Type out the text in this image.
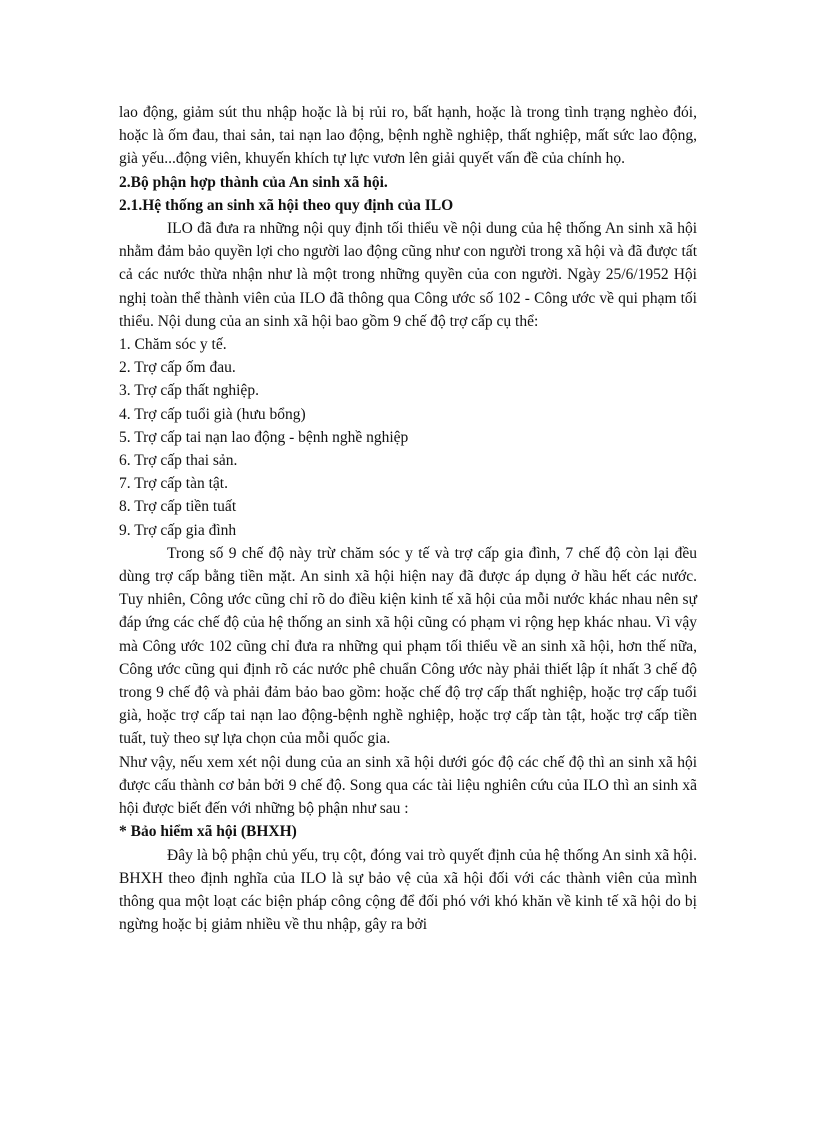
lao động, giảm sút thu nhập hoặc là bị rủi ro, bất hạnh, hoặc là trong tình trạng nghèo đói, hoặc là ốm đau, thai sản, tai nạn lao động, bệnh nghề nghiệp, thất nghiệp, mất sức lao động, già yếu...động viên, khuyến khích tự lực vươn lên giải quyết vấn đề của chính họ.

2.Bộ phận hợp thành của An sinh xã hội.

2.1.Hệ thống an sinh xã hội theo quy định của ILO

ILO đã đưa ra những nội quy định tối thiểu về nội dung của hệ thống An sinh xã hội nhằm đảm bảo quyền lợi cho người lao động cũng như con người trong xã hội và đã được tất cả các nước thừa nhận như là một trong những quyền của con người. Ngày 25/6/1952 Hội nghị toàn thể thành viên của ILO đã thông qua Công ước số 102 - Công ước về qui phạm tối thiểu. Nội dung của an sinh xã hội bao gồm 9 chế độ trợ cấp cụ thể:

1. Chăm sóc y tế.

2. Trợ cấp ốm đau.

3. Trợ cấp thất nghiệp.

4. Trợ cấp tuổi già (hưu bổng)

5. Trợ cấp tai nạn lao động - bệnh nghề nghiệp

6. Trợ cấp thai sản.

7. Trợ cấp tàn tật.

8. Trợ cấp tiền tuất

9. Trợ cấp gia đình

Trong số 9 chế độ này trừ chăm sóc y tế và trợ cấp gia đình, 7 chế độ còn lại đều dùng trợ cấp bằng tiền mặt. An sinh xã hội hiện nay đã được áp dụng ở hầu hết các nước. Tuy nhiên, Công ước cũng chỉ rõ do điều kiện kinh tế xã hội của mỗi nước khác nhau nên sự đáp ứng các chế độ của hệ thống an sinh xã hội cũng có phạm vi rộng hẹp khác nhau. Vì vậy mà Công ước 102 cũng chỉ đưa ra những qui phạm tối thiểu về an sinh xã hội, hơn thế nữa, Công ước cũng qui định rõ các nước phê chuẩn Công ước này phải thiết lập ít nhất 3 chế độ trong 9 chế độ và phải đảm bảo bao gồm: hoặc chế độ trợ cấp thất nghiệp, hoặc trợ cấp tuổi già, hoặc trợ cấp tai nạn lao động-bệnh nghề nghiệp, hoặc trợ cấp tàn tật, hoặc trợ cấp tiền tuất, tuỳ theo sự lựa chọn của mỗi quốc gia.

Như vậy, nếu xem xét nội dung của an sinh xã hội dưới góc độ các chế độ thì an sinh xã hội được cấu thành cơ bản bởi 9 chế độ. Song qua các tài liệu nghiên cứu của ILO thì an sinh xã hội được biết đến với những bộ phận như sau :

* Bảo hiểm xã hội (BHXH)

Đây là bộ phận chủ yếu, trụ cột, đóng vai trò quyết định của hệ thống An sinh xã hội. BHXH theo định nghĩa của ILO là sự bảo vệ của xã hội đối với các thành viên của mình thông qua một loạt các biện pháp công cộng để đối phó với khó khăn về kinh tế xã hội do bị ngừng hoặc bị giảm nhiều về thu nhập, gây ra bởi
